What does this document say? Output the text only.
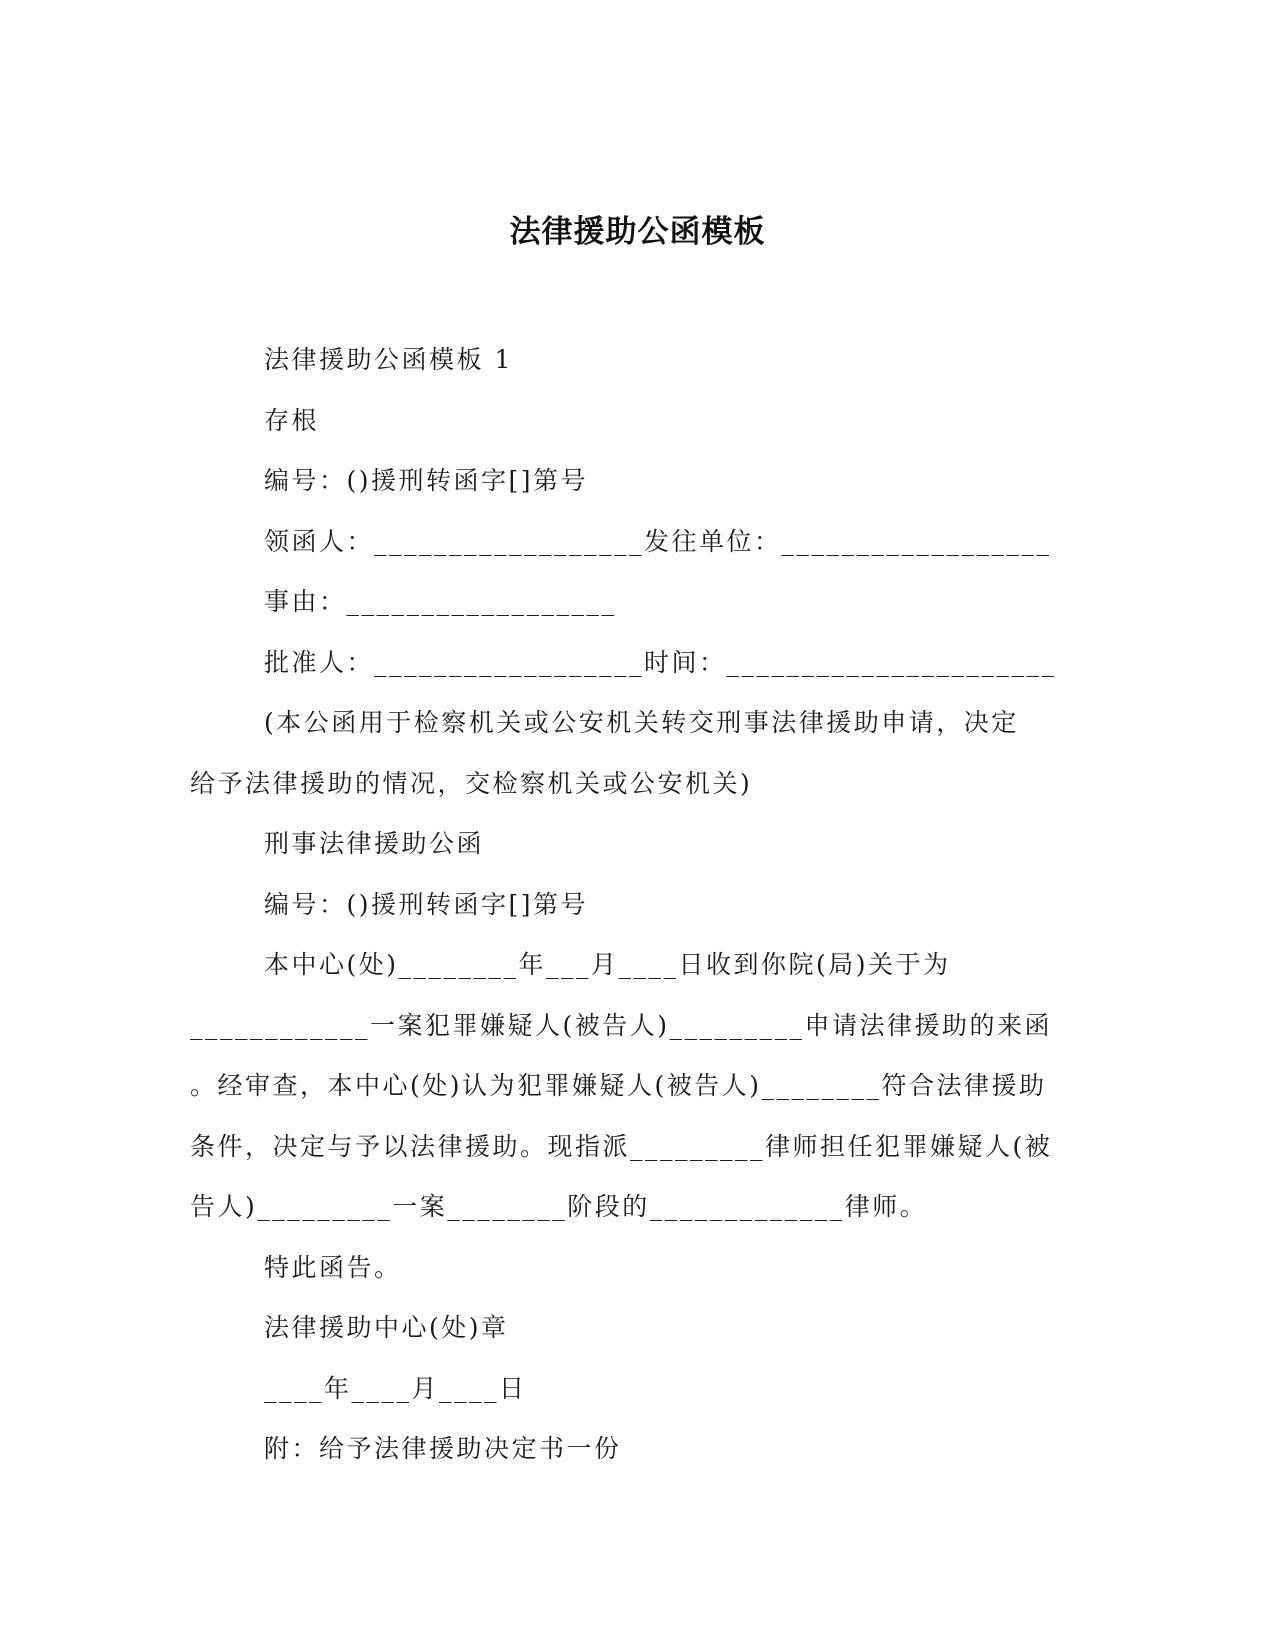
法律援助公函模板

法律援助公函模板 1

存根

编号：()援刑转函字[]第号

领函人：__________________发往单位：__________________

事由：__________________

批准人：__________________时间：______________________

(本公函用于检察机关或公安机关转交刑事法律援助申请，决定

给予法律援助的情况，交检察机关或公安机关)

刑事法律援助公函

编号：()援刑转函字[]第号

本中心(处)________年___月____日收到你院(局)关于为

____________一案犯罪嫌疑人(被告人)_________申请法律援助的来函

。经审查，本中心(处)认为犯罪嫌疑人(被告人)________符合法律援助

条件，决定与予以法律援助。现指派_________律师担任犯罪嫌疑人(被

告人)_________一案________阶段的_____________律师。

特此函告。

法律援助中心(处)章

____年____月____日

附：给予法律援助决定书一份
